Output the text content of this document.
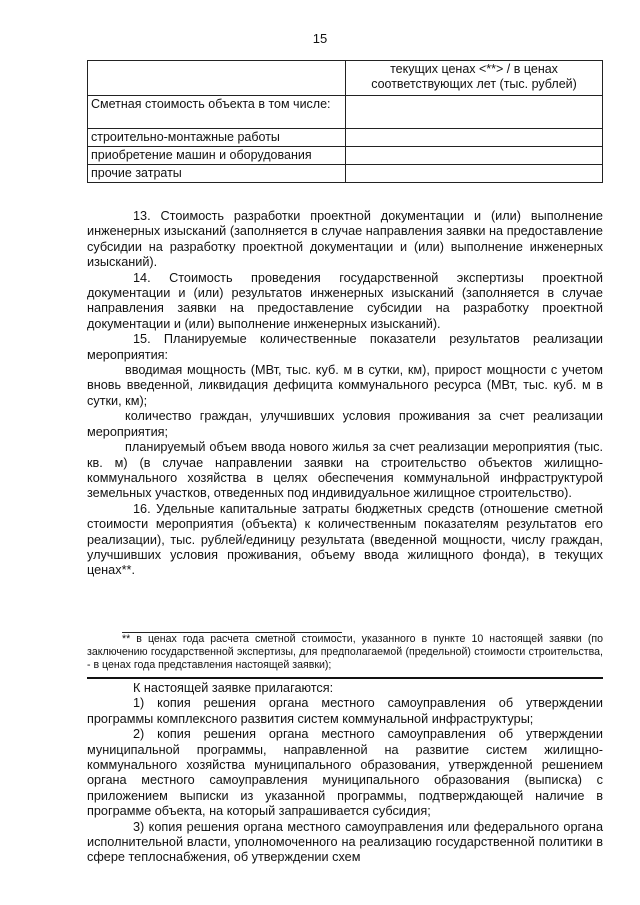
15
	текущих ценах <**> / в ценах соответствующих лет (тыс. рублей)
Сметная стоимость объекта в том числе:	
строительно-монтажные работы	
приобретение машин и оборудования	
прочие затраты	

13. Стоимость разработки проектной документации и (или) выполнение инженерных изысканий (заполняется в случае направления заявки на предоставление субсидии на разработку проектной документации и (или) выполнение инженерных изысканий).

14. Стоимость проведения государственной экспертизы проектной документации и (или) результатов инженерных изысканий (заполняется в случае направления заявки на предоставление субсидии на разработку проектной документации и (или) выполнение инженерных изысканий).

15. Планируемые количественные показатели результатов реализации мероприятия:

вводимая мощность (МВт, тыс. куб. м в сутки, км), прирост мощности с учетом вновь введенной, ликвидация дефицита коммунального ресурса (МВт, тыс. куб. м в сутки, км);

количество граждан, улучшивших условия проживания за счет реализации мероприятия;

планируемый объем ввода нового жилья за счет реализации мероприятия (тыс. кв. м) (в случае направлении заявки на строительство объектов жилищно-коммунального хозяйства в целях обеспечения коммунальной инфраструктурой земельных участков, отведенных под индивидуальное жилищное строительство).

16. Удельные капитальные затраты бюджетных средств (отношение сметной стоимости мероприятия (объекта) к количественным показателям результатов его реализации), тыс. рублей/единицу результата (введенной мощности, числу граждан, улучшивших условия проживания, объему ввода жилищного фонда), в текущих ценах**.

** в ценах года расчета сметной стоимости, указанного в пункте 10 настоящей заявки (по заключению государственной экспертизы, для предполагаемой (предельной) стоимости строительства, - в ценах года представления настоящей заявки);

К настоящей заявке прилагаются:

1) копия решения органа местного самоуправления об утверждении программы комплексного развития систем коммунальной инфраструктуры;

2) копия решения органа местного самоуправления об утверждении муниципальной программы, направленной на развитие систем жилищно-коммунального хозяйства муниципального образования, утвержденной решением органа местного самоуправления муниципального образования (выписка) с приложением выписки из указанной программы, подтверждающей наличие в программе объекта, на который запрашивается субсидия;

3) копия решения органа местного самоуправления или федерального органа исполнительной власти, уполномоченного на реализацию государственной политики в сфере теплоснабжения, об утверждении схем
